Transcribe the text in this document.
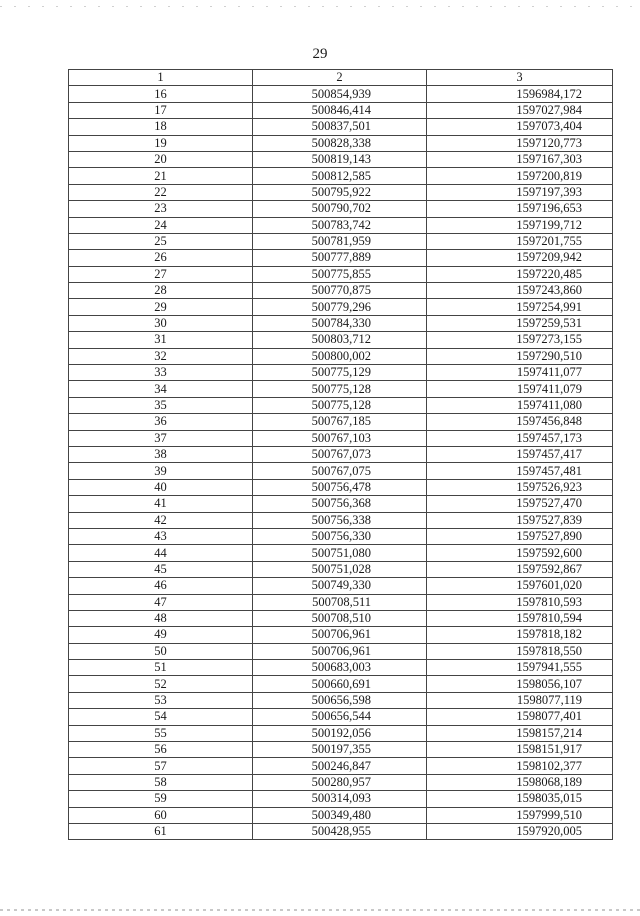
29
1	2	3
16	500854,939	1596984,172
17	500846,414	1597027,984
18	500837,501	1597073,404
19	500828,338	1597120,773
20	500819,143	1597167,303
21	500812,585	1597200,819
22	500795,922	1597197,393
23	500790,702	1597196,653
24	500783,742	1597199,712
25	500781,959	1597201,755
26	500777,889	1597209,942
27	500775,855	1597220,485
28	500770,875	1597243,860
29	500779,296	1597254,991
30	500784,330	1597259,531
31	500803,712	1597273,155
32	500800,002	1597290,510
33	500775,129	1597411,077
34	500775,128	1597411,079
35	500775,128	1597411,080
36	500767,185	1597456,848
37	500767,103	1597457,173
38	500767,073	1597457,417
39	500767,075	1597457,481
40	500756,478	1597526,923
41	500756,368	1597527,470
42	500756,338	1597527,839
43	500756,330	1597527,890
44	500751,080	1597592,600
45	500751,028	1597592,867
46	500749,330	1597601,020
47	500708,511	1597810,593
48	500708,510	1597810,594
49	500706,961	1597818,182
50	500706,961	1597818,550
51	500683,003	1597941,555
52	500660,691	1598056,107
53	500656,598	1598077,119
54	500656,544	1598077,401
55	500192,056	1598157,214
56	500197,355	1598151,917
57	500246,847	1598102,377
58	500280,957	1598068,189
59	500314,093	1598035,015
60	500349,480	1597999,510
61	500428,955	1597920,005
